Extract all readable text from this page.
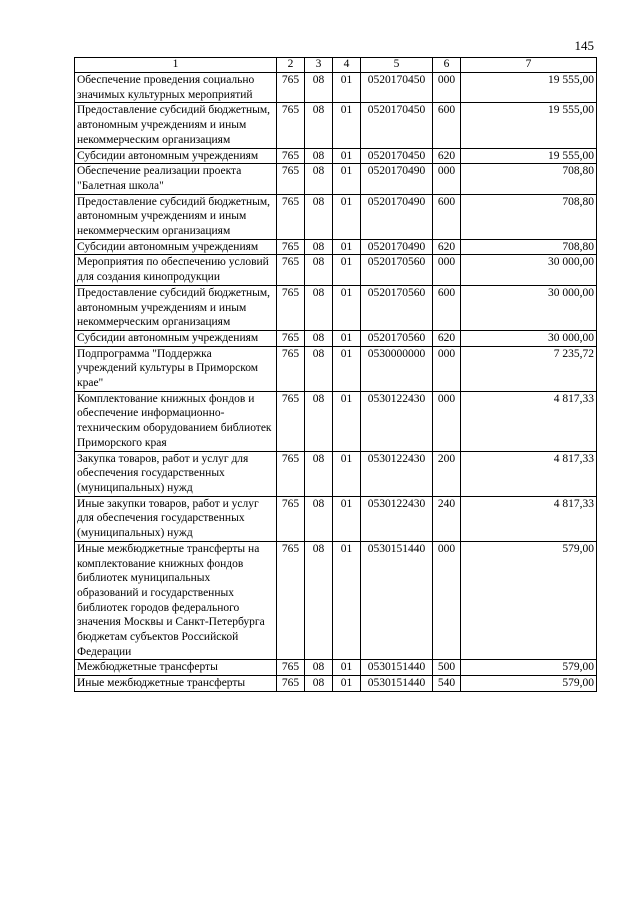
145
1	2	3	4	5	6	7
Обеспечение проведения социально значимых культурных мероприятий	765	08	01	0520170450	000	19 555,00
Предоставление субсидий бюджетным, автономным учреждениям и иным некоммерческим организациям	765	08	01	0520170450	600	19 555,00
Субсидии автономным учреждениям	765	08	01	0520170450	620	19 555,00
Обеспечение реализации проекта "Балетная школа"	765	08	01	0520170490	000	708,80
Предоставление субсидий бюджетным, автономным учреждениям и иным некоммерческим организациям	765	08	01	0520170490	600	708,80
Субсидии автономным учреждениям	765	08	01	0520170490	620	708,80
Мероприятия по обеспечению условий для создания кинопродукции	765	08	01	0520170560	000	30 000,00
Предоставление субсидий бюджетным, автономным учреждениям и иным некоммерческим организациям	765	08	01	0520170560	600	30 000,00
Субсидии автономным учреждениям	765	08	01	0520170560	620	30 000,00
Подпрограмма "Поддержка учреждений культуры в Приморском крае"	765	08	01	0530000000	000	7 235,72
Комплектование книжных фондов и обеспечение информационно-техническим оборудованием библиотек Приморского края	765	08	01	0530122430	000	4 817,33
Закупка товаров, работ и услуг для обеспечения государственных (муниципальных) нужд	765	08	01	0530122430	200	4 817,33
Иные закупки товаров, работ и услуг для обеспечения государственных (муниципальных) нужд	765	08	01	0530122430	240	4 817,33
Иные межбюджетные трансферты на комплектование книжных фондов библиотек муниципальных образований и государственных библиотек городов федерального значения Москвы и Санкт-Петербурга бюджетам субъектов Российской Федерации	765	08	01	0530151440	000	579,00
Межбюджетные трансферты	765	08	01	0530151440	500	579,00
Иные межбюджетные трансферты	765	08	01	0530151440	540	579,00
